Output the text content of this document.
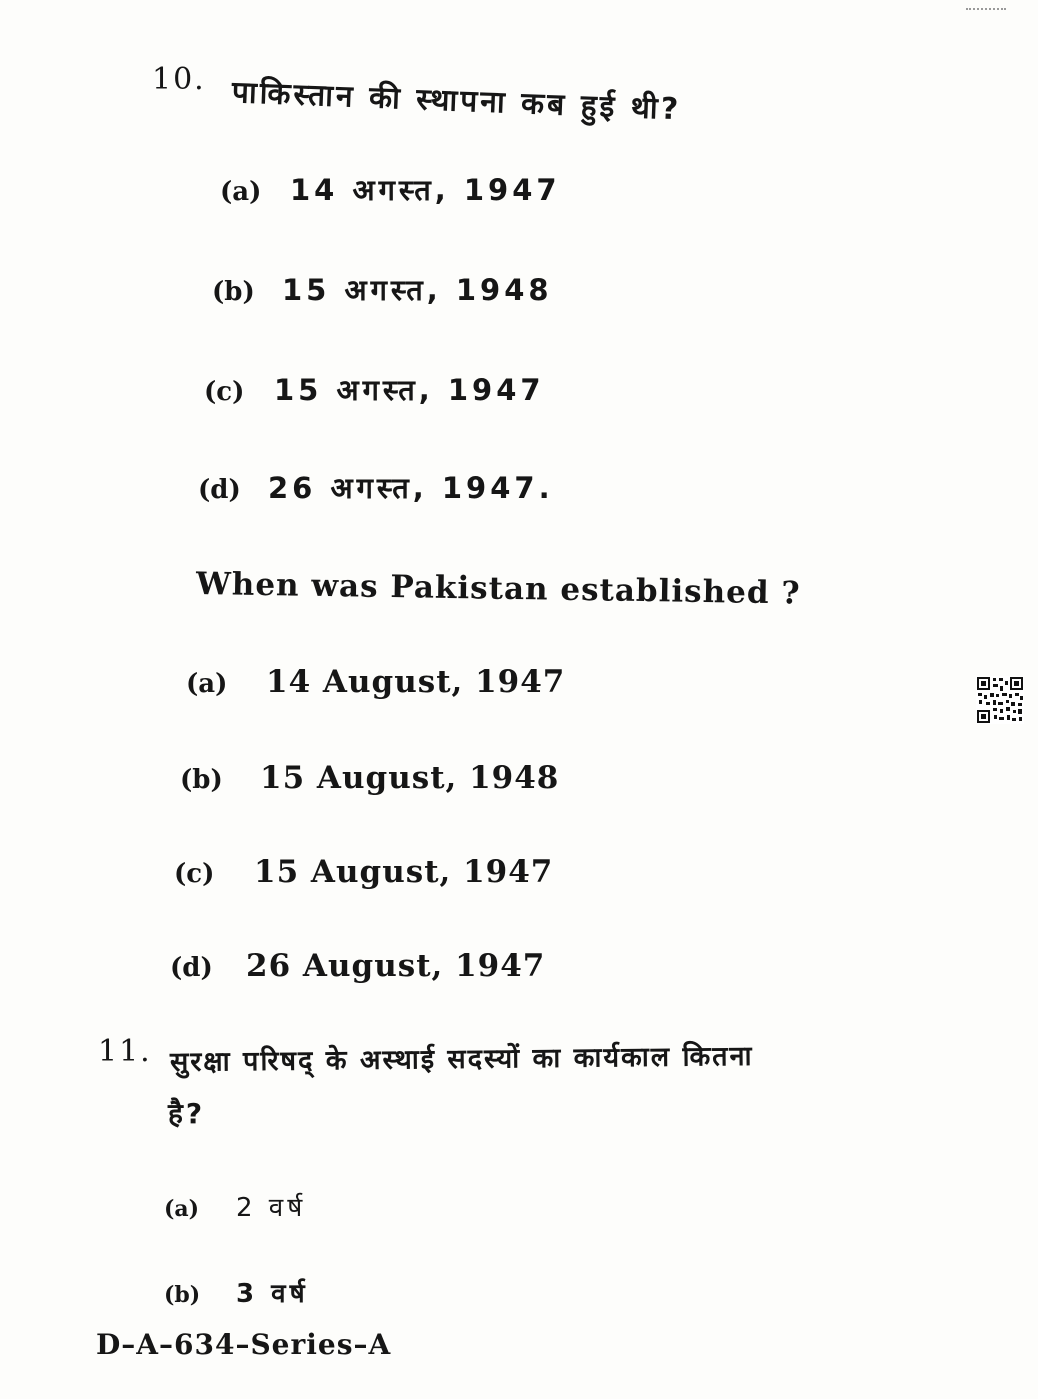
10. पाकिस्तान की स्थापना कब हुई थी?
(a) 14 अगस्त, 1947
(b) 15 अगस्त, 1948
(c)	15 अगस्त, 1947
(d) 26 अगस्त, 1947.
When was Pakistan established ?
(a)	14 August, 1947
(b)	15 August, 1948
(c)	15 August, 1947
(d)	26 August, 1947
11. सुरक्षा परिषद् के अस्थाई सदस्यों का कार्यकाल कितना
है?
(a)	2 वर्ष
(b)	3 वर्ष
D–A–634–Series–A
